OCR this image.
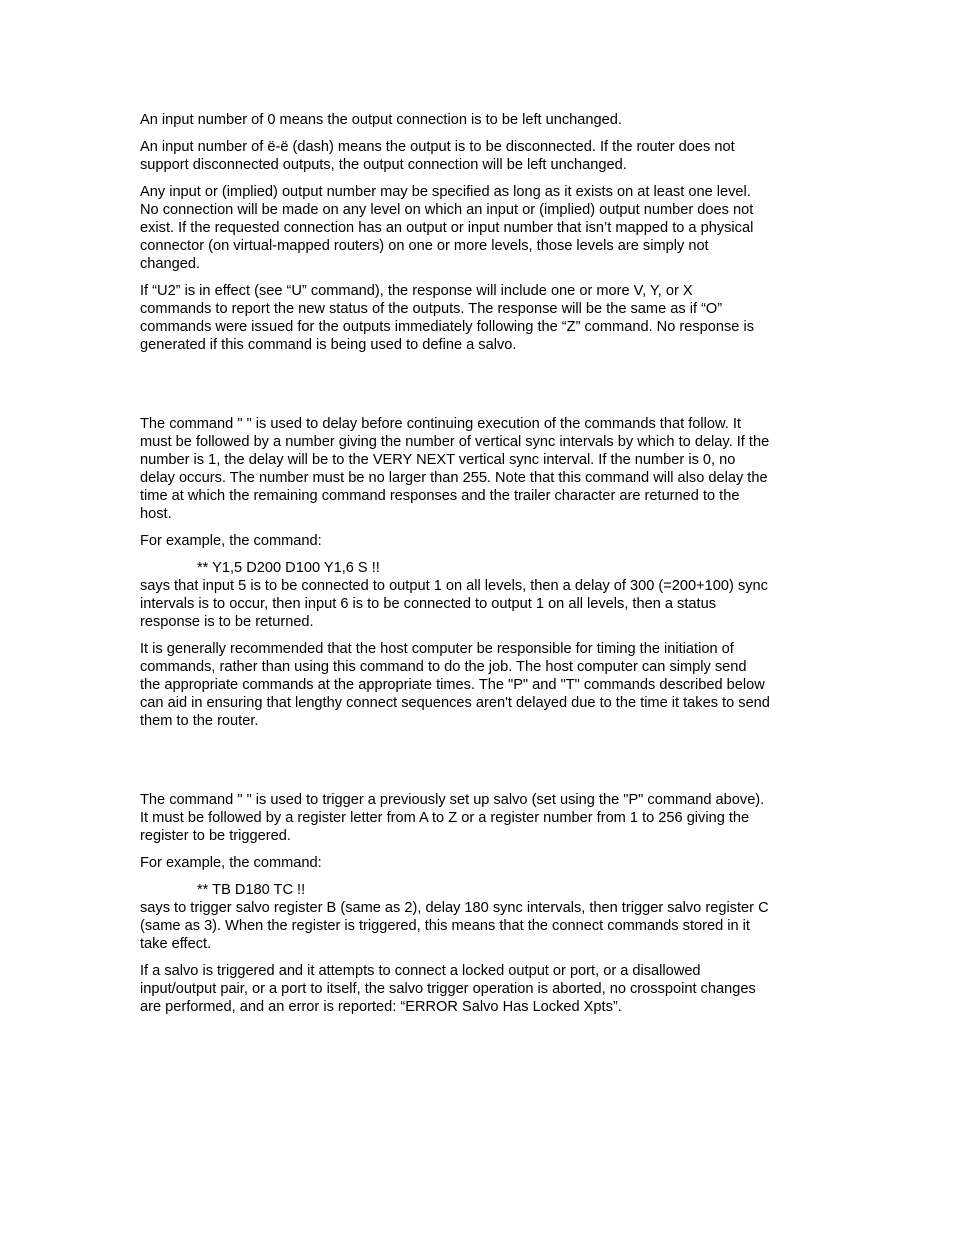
An input number of 0 means the output connection is to be left unchanged.

An input number of ë-ë (dash) means the output is to be disconnected. If the router does not
support disconnected outputs, the output connection will be left unchanged.

Any input or (implied) output number may be specified as long as it exists on at least one level.
No connection will be made on any level on which an input or (implied) output number does not
exist. If the requested connection has an output or input number that isn’t mapped to a physical
connector (on virtual-mapped routers) on one or more levels, those levels are simply not
changed.

If “U2” is in effect (see “U” command), the response will include one or more V, Y, or X
commands to report the new status of the outputs. The response will be the same as if “O”
commands were issued for the outputs immediately following the “Z” command. No response is
generated if this command is being used to define a salvo.

The command " " is used to delay before continuing execution of the commands that follow. It
must be followed by a number giving the number of vertical sync intervals by which to delay. If the
number is 1, the delay will be to the VERY NEXT vertical sync interval. If the number is 0, no
delay occurs. The number must be no larger than 255. Note that this command will also delay the
time at which the remaining command responses and the trailer character are returned to the
host.

For example, the command:

** Y1,5 D200 D100 Y1,6 S !!

says that input 5 is to be connected to output 1 on all levels, then a delay of 300 (=200+100) sync
intervals is to occur, then input 6 is to be connected to output 1 on all levels, then a status
response is to be returned.

It is generally recommended that the host computer be responsible for timing the initiation of
commands, rather than using this command to do the job. The host computer can simply send
the appropriate commands at the appropriate times. The "P" and "T" commands described below
can aid in ensuring that lengthy connect sequences aren't delayed due to the time it takes to send
them to the router.

The command " " is used to trigger a previously set up salvo (set using the "P" command above).
It must be followed by a register letter from A to Z or a register number from 1 to 256 giving the
register to be triggered.

For example, the command:

** TB D180 TC !!

says to trigger salvo register B (same as 2), delay 180 sync intervals, then trigger salvo register C
(same as 3). When the register is triggered, this means that the connect commands stored in it
take effect.

If a salvo is triggered and it attempts to connect a locked output or port, or a disallowed
input/output pair, or a port to itself, the salvo trigger operation is aborted, no crosspoint changes
are performed, and an error is reported: “ERROR Salvo Has Locked Xpts”.
